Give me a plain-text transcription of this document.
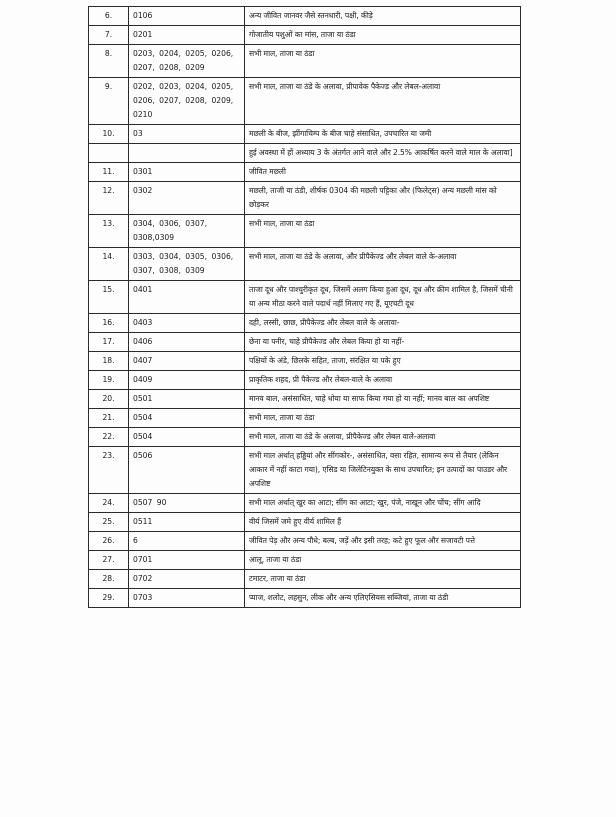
6.	0106	अन्य जीवित जानवर जैसे स्तनधारी, पक्षी, कीड़े
7.	0201	गोजातीय पशुओं का मांस, ताजा या ठंडा
8.	0203, 0204, 0205, 0206, 0207, 0208, 0209	सभी माल, ताजा या ठंडा
9.	0202, 0203, 0204, 0205, 0206, 0207, 0208, 0209, 0210	सभी माल, ताजा या ठंडे के अलावा, प्रीपावेक पैकेज्ड और लेबल-अलावा
10.	03	मछली के बीज, झींगाचिम्प के बीज चाहे संसाधित, उपचारित या जमी
		हुई अवस्था में हों अध्याय 3 के अंतर्गत आने वाले और 2.5% आकर्षित करने वाले माल के अलावा]
11.	0301	जीवित मछली
12.	0302	मछली, ताजी या ठंडी, शीर्षक 0304 की मछली पट्टिका और (फिलेट्स) अन्य मछली मांस को छोड़कर
13.	0304, 0306, 0307, 0308,0309	सभी माल, ताजा या ठंडा
14.	0303, 0304, 0305, 0306, 0307, 0308, 0309	सभी माल, ताजा या ठंडे के अलावा, और प्रीपैकेज्ड और लेबल वाले के-अलावा
15.	0401	ताजा दूध और पाश्चुरीकृत दूध, जिसमें अलग किया हुआ दूध, दूध और क्रीम शामिल है, जिसमें चीनी या अन्य मीठा करने वाले पदार्थ नहीं मिलाए गए हैं, यूएचटी दूध
16.	0403	दही, लस्सी, छाछ, प्रीपैकेज्ड और लेबल वाले के अलावा-
17.	0406	छेना या पनीर, चाहे प्रीपैकेज्ड और लेबल किया हो या नहीं-
18.	0407	पक्षियों के अंडे, छिलके सहित, ताजा, संरक्षित या पके हुए
19.	0409	प्राकृतिक शहद, प्री पैकेज्ड और लेबल-वाले के अलावा
20.	0501	मानव बाल, असंसाधित, चाहे धोया या साफ किया गया हो या नहीं; मानव बाल का अपशिष्ट
21.	0504	सभी माल, ताजा या ठंडा
22.	0504	सभी माल, ताजा या ठंडे के अलावा, प्रीपैकेज्ड और लेबल वाले-अलावा
23.	0506	सभी माल अर्थात् हड्डियां और सींगकोर-, असंसाधित, वसा रहित, सामान्य रूप से तैयार (लेकिन आकार में नहीं काटा गया), एसिड या जिलेटिनयुक्त के साथ उपचारित; इन उत्पादों का पाउडर और अपशिष्ट
24.	0507 90	सभी माल अर्थात् खुर का आटा; सींग का आटा; खुर, पंजे, नाखून और चोंच; सींग आदि
25.	0511	वीर्य जिसमें जमे हुए वीर्य शामिल हैं
26.	6	जीवित पेड़ और अन्य पौधे; बल्ब, जड़ें और इसी तरह; कटे हुए फूल और सजावटी पत्ते
27.	0701	आलू, ताजा या ठंडा
28.	0702	टमाटर, ताजा या ठंडा
29.	0703	प्याज, शलोट, लहसुन, लीक और अन्य एलिएसियस सब्जियां, ताजा या ठंडी
